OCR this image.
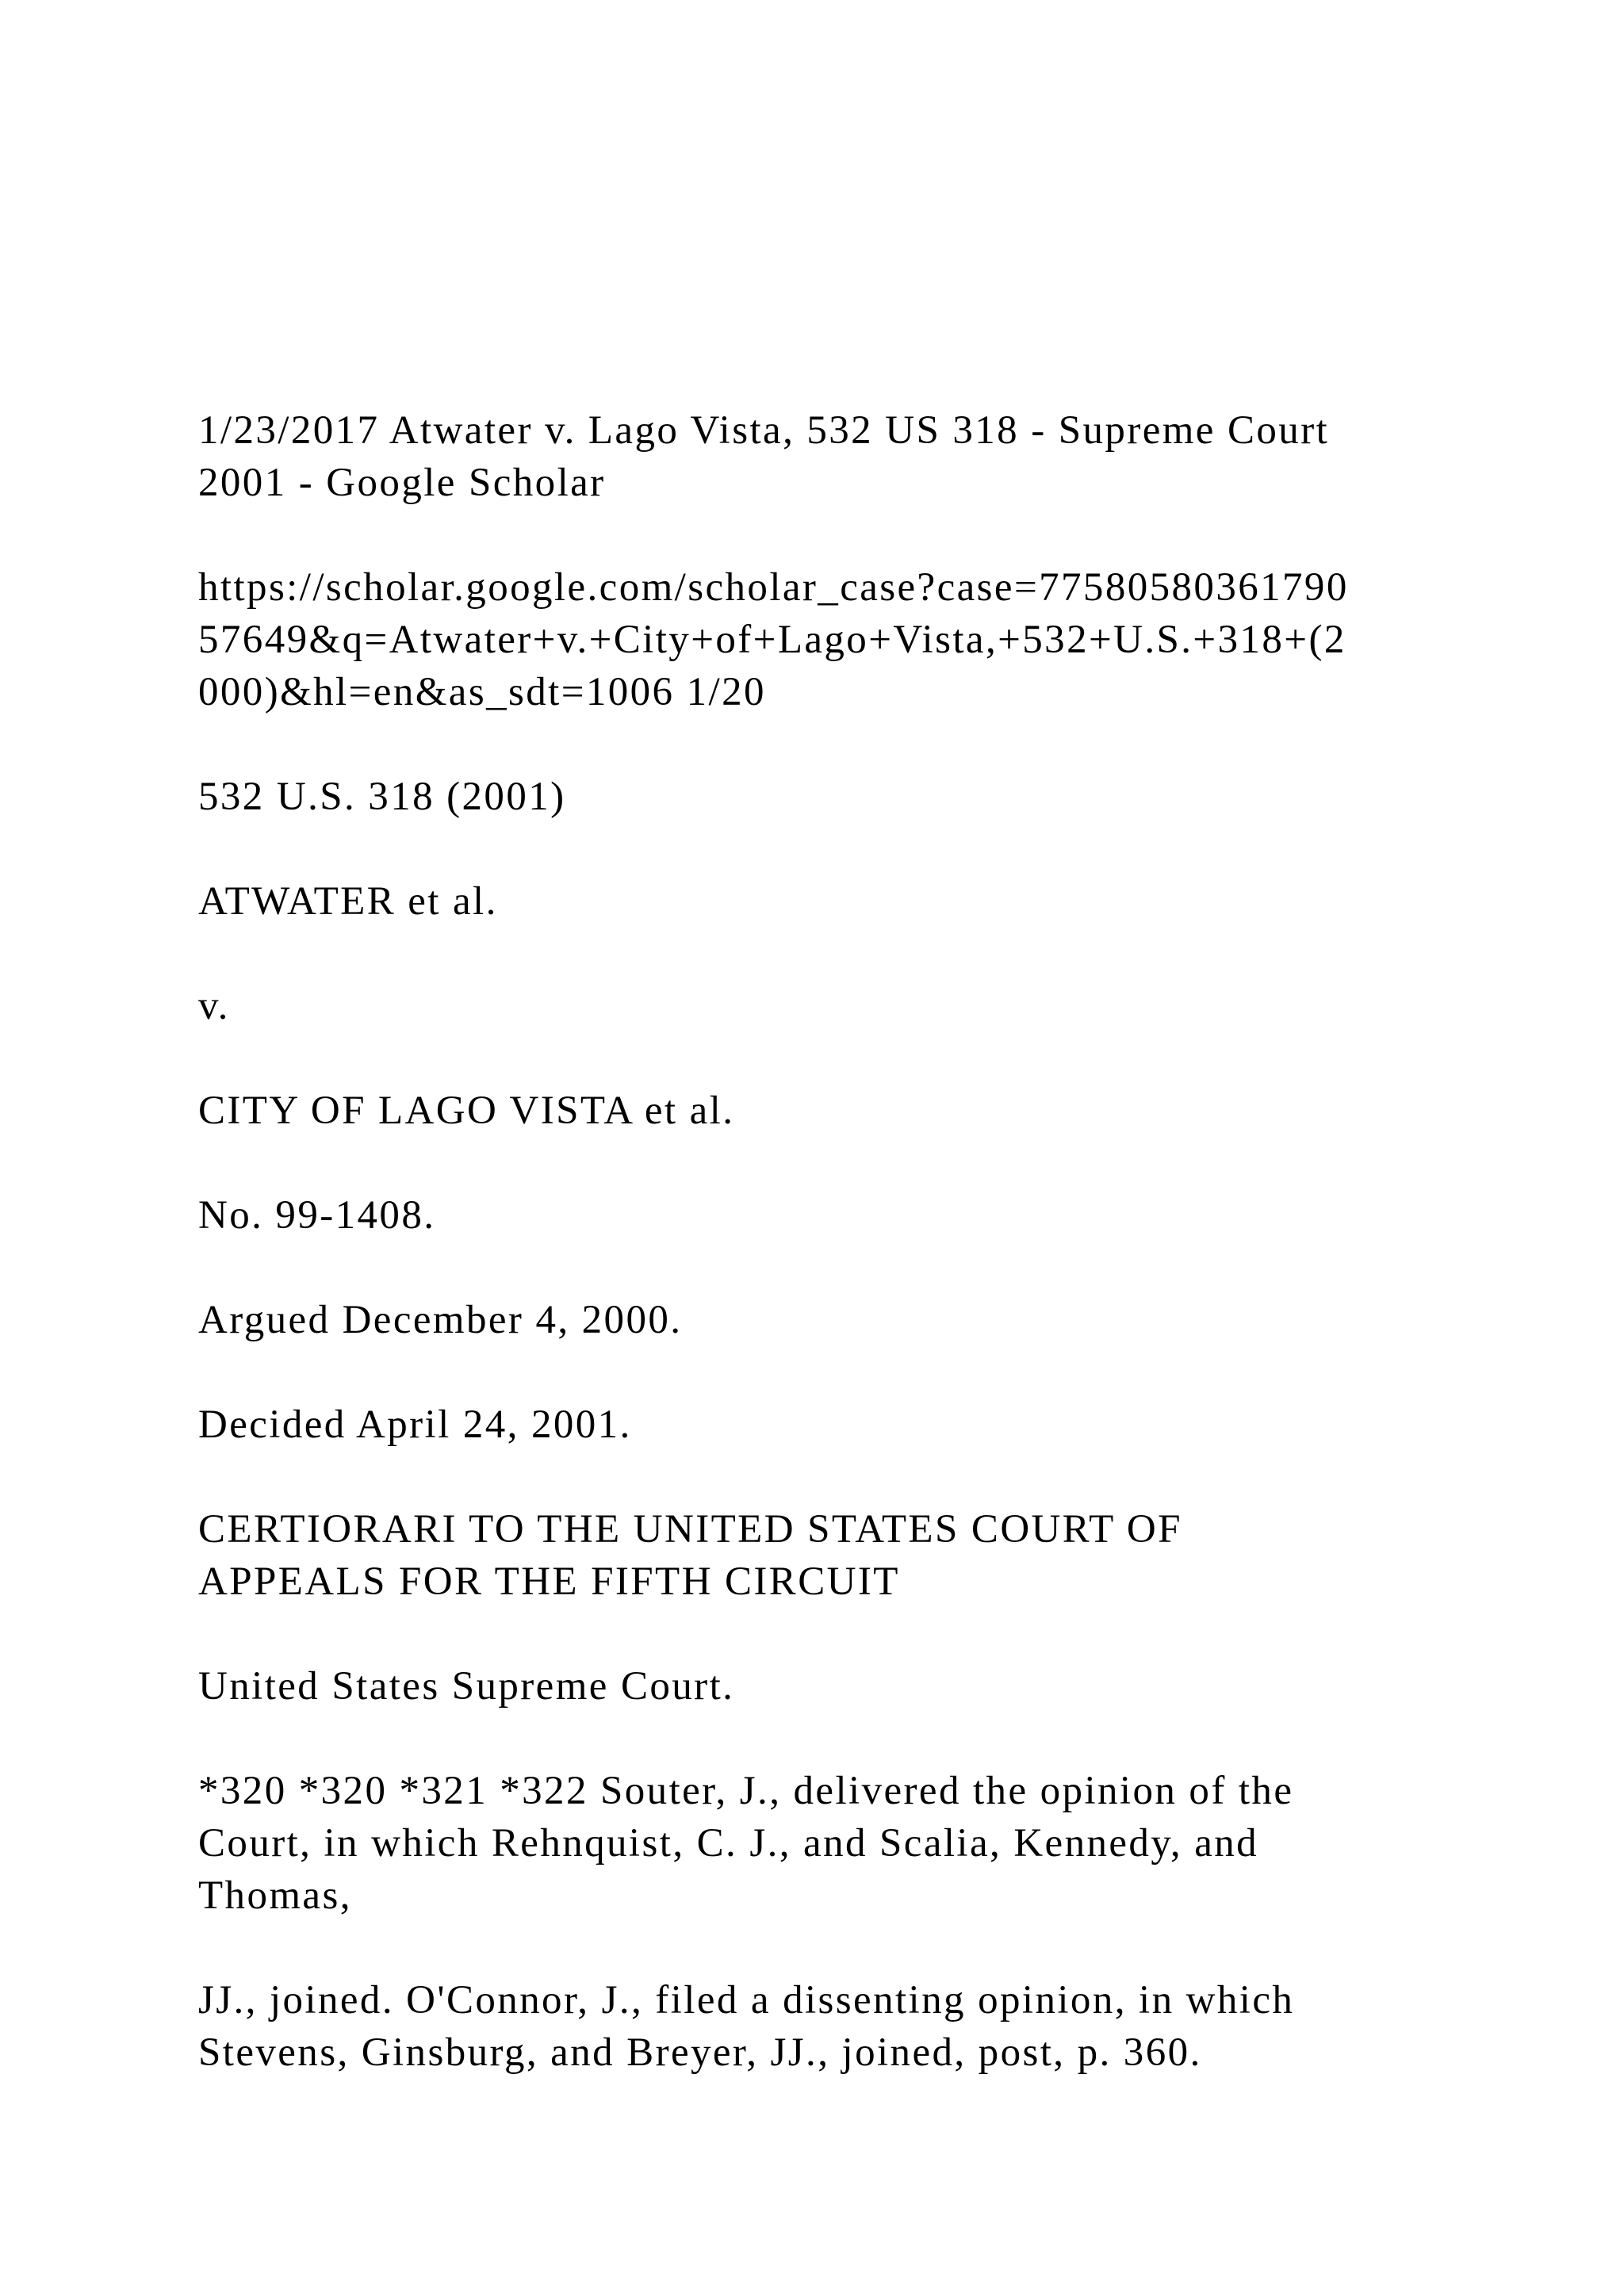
1/23/2017 Atwater v. Lago Vista, 532 US 318 - Supreme Court
2001 - Google Scholar
https://scholar.google.com/scholar_case?case=77580580361790
57649&q=Atwater+v.+City+of+Lago+Vista,+532+U.S.+318+(2
000)&hl=en&as_sdt=1006 1/20
532 U.S. 318 (2001)
ATWATER et al.
v.
CITY OF LAGO VISTA et al.
No. 99-1408.
Argued December 4, 2000.
Decided April 24, 2001.
CERTIORARI TO THE UNITED STATES COURT OF
APPEALS FOR THE FIFTH CIRCUIT
United States Supreme Court.
*320 *320 *321 *322 Souter, J., delivered the opinion of the
Court, in which Rehnquist, C. J., and Scalia, Kennedy, and
Thomas,
JJ., joined. O'Connor, J., filed a dissenting opinion, in which
Stevens, Ginsburg, and Breyer, JJ., joined, post, p. 360.
